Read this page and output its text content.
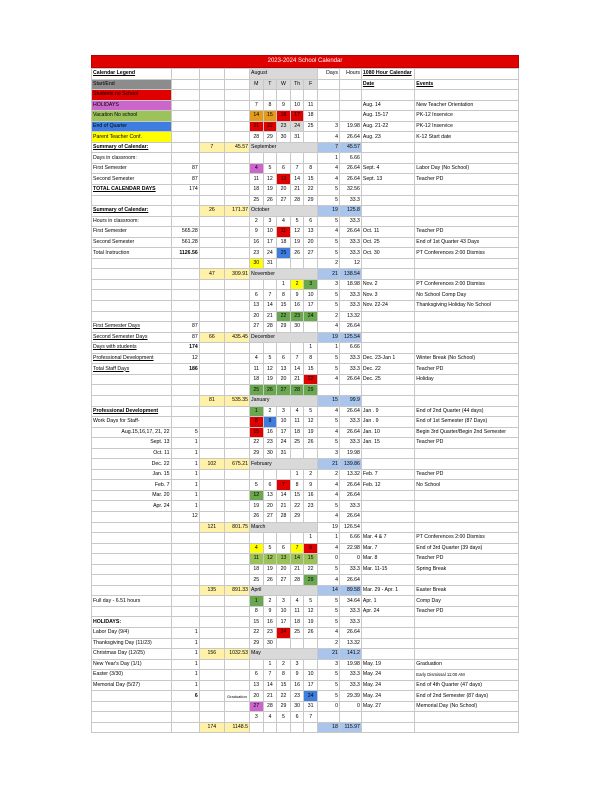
2023-2024 School Calendar
Calendar Legend				August					Days	Hours	1080 Hour Calendar	
Start/End				M	T	W	Th	F			Date	Events
Students no School												
HOLIDAYS				7	8	9	10	11			Aug. 14	New Teacher Orientation
Vacation No school				14	15	16	17	18			Aug. 15-17	PK-12 Inservice
End of Quarter				21	22	23	24	25	3	19.98	Aug. 21-22	PK-12 Inservice
Parent Teacher Conf.				28	29	30	31		4	26.64	Aug. 23	K-12 Start date
Summary of Calendar:		7	45.57	September					7	45.57		
Days in classroom:									1	6.66		
First Semester	87			4	5	6	7	8	4	26.64	Sept. 4	Labor Day (No School)
Second Semester	87			11	12	13	14	15	4	26.64	Sept. 13	Teacher PD
TOTAL CALENDAR DAYS	174			18	19	20	21	22	5	32.56		
				25	26	27	28	29	5	33.3		
Summary of Calendar:		26	171.37	October					19	125.8		
Hours in classroom:				2	3	4	5	6	5	33.3		
First Semester	565.28			9	10	11	12	13	4	26.64	Oct. 11	Teacher PD
Second Semester	561.28			16	17	18	19	20	5	33.3	Oct. 25	End of 1st Quarter 43 Days
Total Instruction	1126.56			23	24	25	26	27	5	33.3	Oct. 30	PT Conferences 2:00 Dismiss
				30	31				2	12		
		47	309.91	November					21	138.54		
						1	2	3	3	18.98	Nov. 2	PT Conferences 2:00 Dismiss
				6	7	8	9	10	5	33.3	Nov. 3	No School Comp Day
				13	14	15	16	17	5	33.3	Nov. 22-24	Thanksgiving Holiday No School
				20	21	22	23	24	2	13.32		
First Semester Days	87			27	28	29	30		4	26.64		
Second Semester Days	87	66	435.45	December					19	125.54		
Days with students	174							1	1	6.66		
Professional Development	12			4	5	6	7	8	5	33.3	Dec. 23-Jan 1	Winter Break (No School)
Total Staff Days	186			11	12	13	14	15	5	33.3	Dec. 22	Teacher PD
				18	19	20	21	22	4	26.64	Dec. 25	Holiday
				25	26	27	28	29				
		81	535.35	January					15	99.9		
Professional Development				1	2	3	4	5	4	26.64	Jan . 9	End of 2nd Quarter (44 days)
Work Days for Staff-				8	9	10	11	12	5	33.3	Jan . 9	End of 1st Semester (87 Days)
Aug.15,16,17, 21, 22	5			15	16	17	18	19	4	26.64	Jan. 10	Begin 3rd Quarter/Begin 2nd Semester
Sept. 13	1			22	23	24	25	26	5	33.3	Jan. 15	Teacher PD
Oct. 11	1			29	30	31			3	19.98		
Dec. 22	1	102	675.21	February					21	139.86		
Jan. 15	1						1	2	2	13.32	Feb. 7	Teacher PD
Feb. 7	1			5	6	7	8	9	4	26.64	Feb. 12	No School
Mar. 20	1			12	13	14	15	16	4	26.64		
Apr. 24	1			19	20	21	22	23	5	33.3		
	12			26	27	28	29		4	26.64		
		121	801.75	March					19	126.54		
								1	1	6.66	Mar. 4 & 7	PT Conferences 2:00 Dismiss
				4	5	6	7	8	4	22.98	Mar. 7	End of 3rd Quarter (39 days)
				11	12	13	14	15	0	0	Mar. 8	Teacher PD
				18	19	20	21	22	5	33.3	Mar. 11-15	Spring Break
				25	26	27	28	29	4	26.64		
		135	891.33	April					14	89.58	Mar. 29 - Apr. 1	Easter Break
Full day - 6.51 hours				1	2	3	4	5	5	34.64	Apr. 1	Comp Day
				8	9	10	11	12	5	33.3	Apr. 24	Teacher PD
HOLIDAYS:				15	16	17	18	19	5	33.3		
Labor Day (9/4)	1			22	23	24	25	26	4	26.64		
Thanksgiving Day (11/23)	1			29	30				2	13.32		
Christmas Day (12/25)	1	156	1032.53	May					21	141.2		
New Year's Day (1/1)	1				1	2	3		3	19.98	May. 19	Graduation
Easter (3/30)	1			6	7	8	9	10	5	33.3	May. 24	Early Dismissal 11:00 AM
Memorial Day (5/27)	1			13	14	15	16	17	5	33.3	May. 24	End of 4th Quarter (47 days)
	6		Graduation	20	21	22	23	24	5	29.39	May. 24	End of 2nd Semester (87 days)
				27	28	29	30	31	0	0	May. 27	Memorial Day (No School)
				3	4	5	6	7				
		174	1148.5						18	115.97		
